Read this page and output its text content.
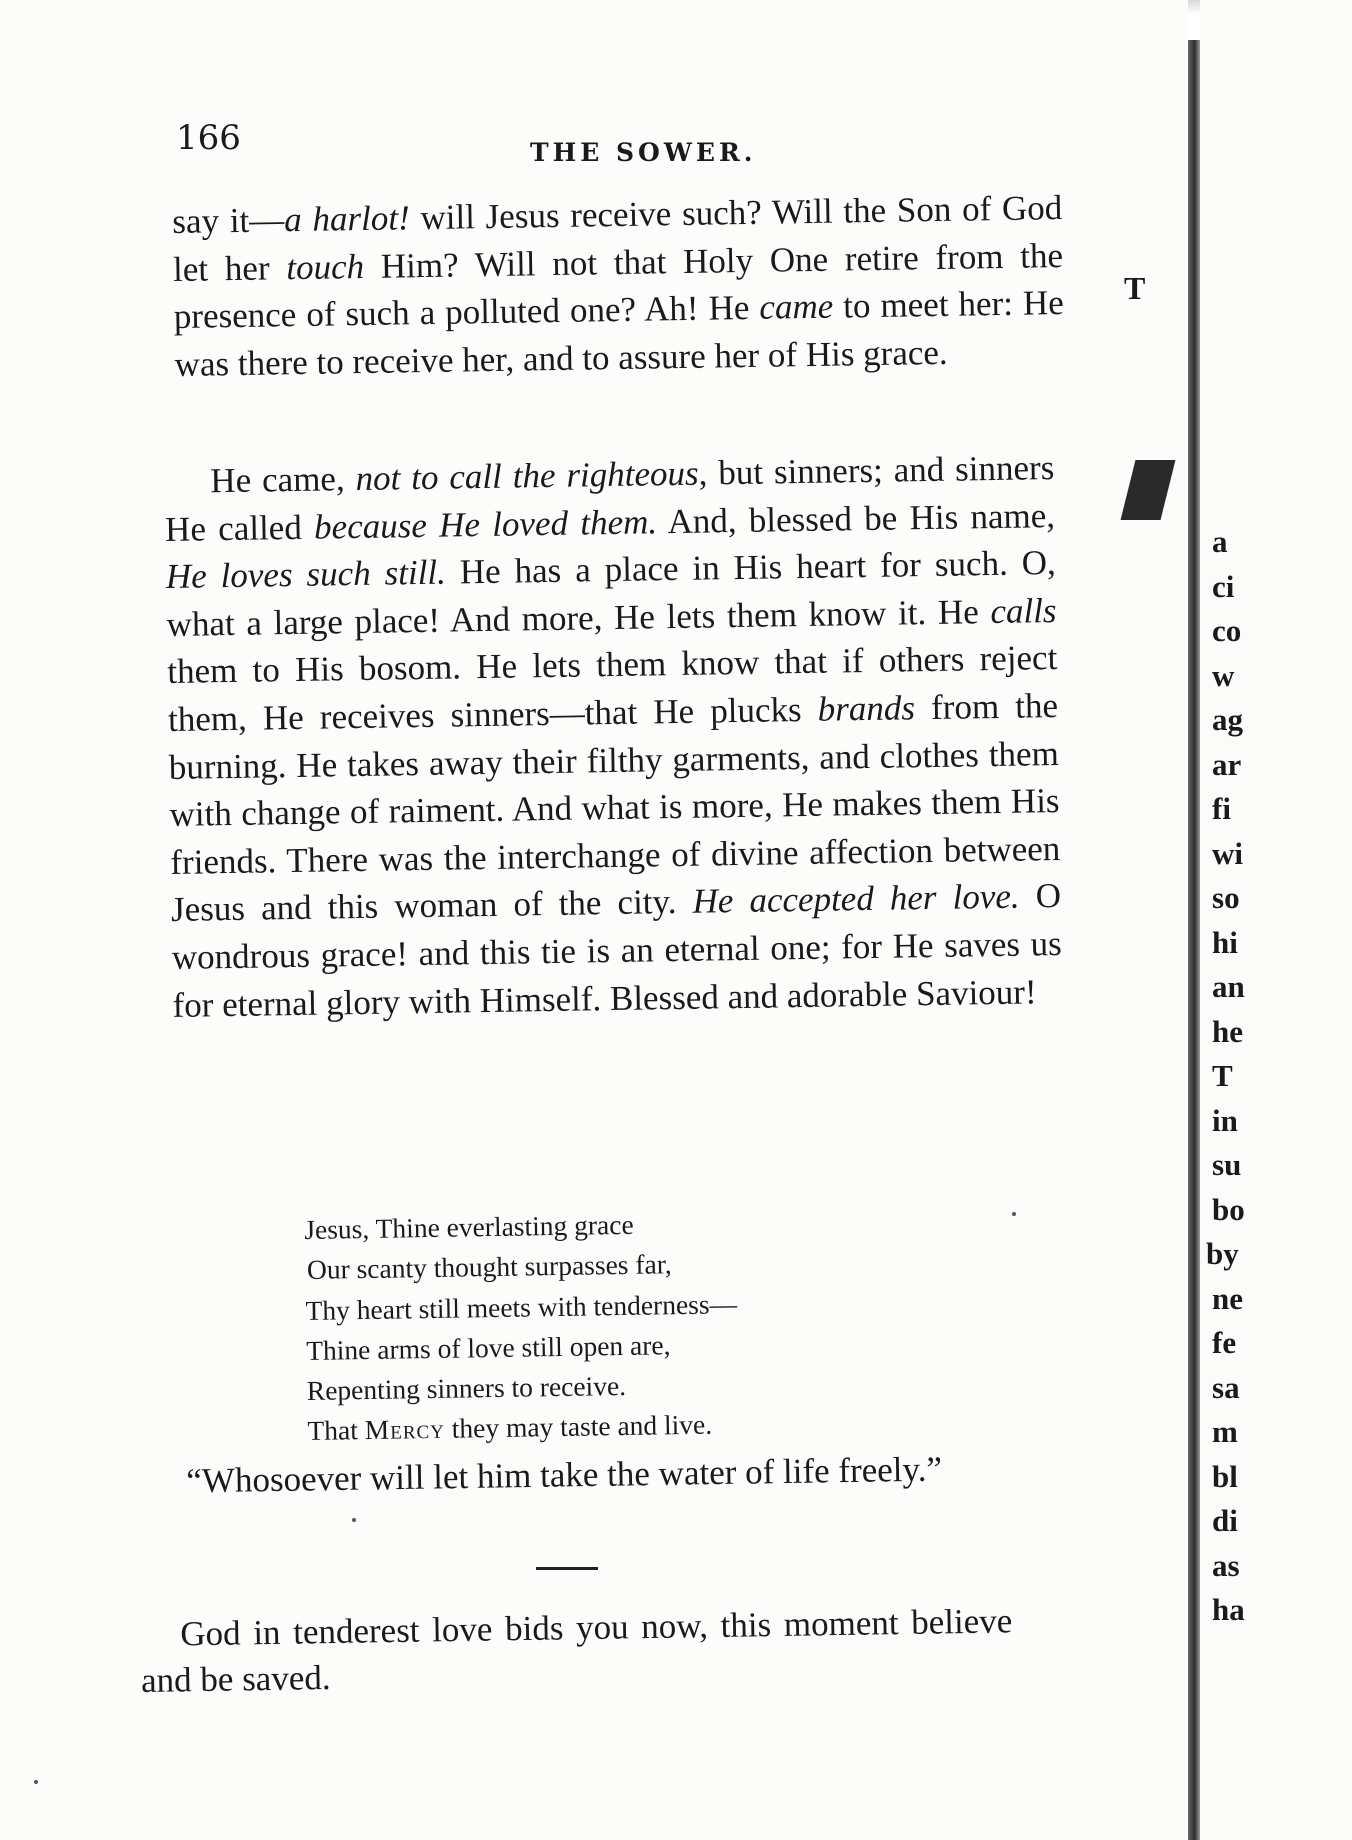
166	THE SOWER.

say it—a harlot! will Jesus receive such? Will the Son of God let her touch Him? Will not that Holy One retire from the presence of such a polluted one? Ah! He came to meet her: He was there to receive her, and to assure her of His grace.

He came, not to call the righteous, but sinners; and sinners He called because He loved them. And, blessed be His name, He loves such still. He has a place in His heart for such. O, what a large place! And more, He lets them know it. He calls them to His bosom. He lets them know that if others reject them, He receives sinners—that He plucks brands from the burning. He takes away their filthy garments, and clothes them with change of raiment. And what is more, He makes them His friends. There was the interchange of divine affection between Jesus and this woman of the city. He accepted her love. O wondrous grace! and this tie is an eternal one; for He saves us for eternal glory with Himself. Blessed and adorable Saviour!

Jesus, Thine everlasting grace
Our scanty thought surpasses far,
Thy heart still meets with tenderness—
Thine arms of love still open are,
Repenting sinners to receive.
That Mercy they may taste and live.

“Whosoever will let him take the water of life freely.”

God in tenderest love bids you now, this moment believe and be saved.

T
a
ci
co
w
ag
ar
fi
wi
so
hi
an
he
T
in
su
bo
by
ne
fe
sa
m
bl
di
as
ha
